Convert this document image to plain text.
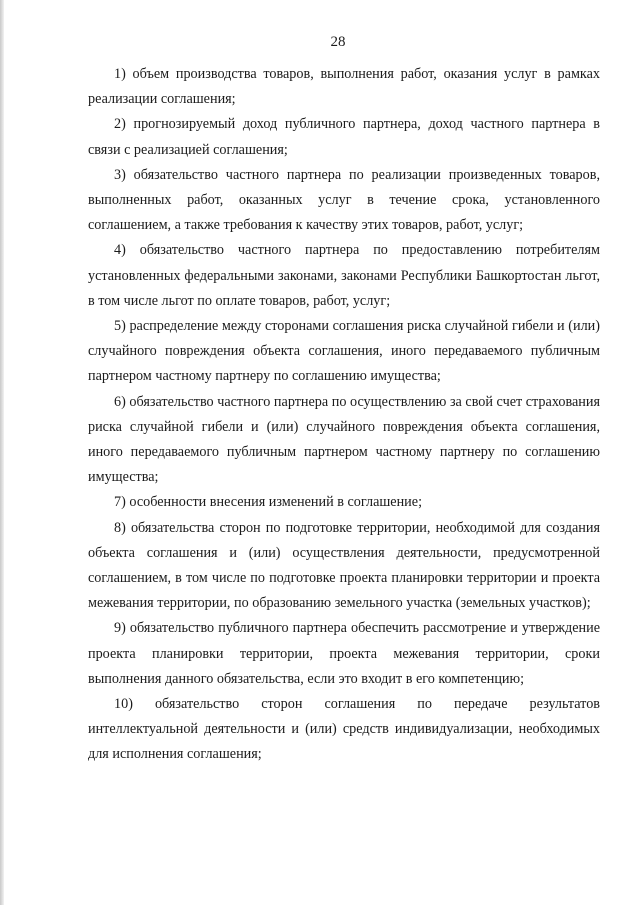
28

1) объем производства товаров, выполнения работ, оказания услуг в рамках реализации соглашения;

2) прогнозируемый доход публичного партнера, доход частного партнера в связи с реализацией соглашения;

3) обязательство частного партнера по реализации произведенных товаров, выполненных работ, оказанных услуг в течение срока, установленного соглашением, а также требования к качеству этих товаров, работ, услуг;

4) обязательство частного партнера по предоставлению потребителям установленных федеральными законами, законами Республики Башкортостан льгот, в том числе льгот по оплате товаров, работ, услуг;

5) распределение между сторонами соглашения риска случайной гибели и (или) случайного повреждения объекта соглашения, иного передаваемого публичным партнером частному партнеру по соглашению имущества;

6) обязательство частного партнера по осуществлению за свой счет страхования риска случайной гибели и (или) случайного повреждения объекта соглашения, иного передаваемого публичным партнером частному партнеру по соглашению имущества;

7) особенности внесения изменений в соглашение;

8) обязательства сторон по подготовке территории, необходимой для создания объекта соглашения и (или) осуществления деятельности, предусмотренной соглашением, в том числе по подготовке проекта планировки территории и проекта межевания территории, по образованию земельного участка (земельных участков);

9) обязательство публичного партнера обеспечить рассмотрение и утверждение проекта планировки территории, проекта межевания территории, сроки выполнения данного обязательства, если это входит в его компетенцию;

10) обязательство сторон соглашения по передаче результатов интеллектуальной деятельности и (или) средств индивидуализации, необходимых для исполнения соглашения;
